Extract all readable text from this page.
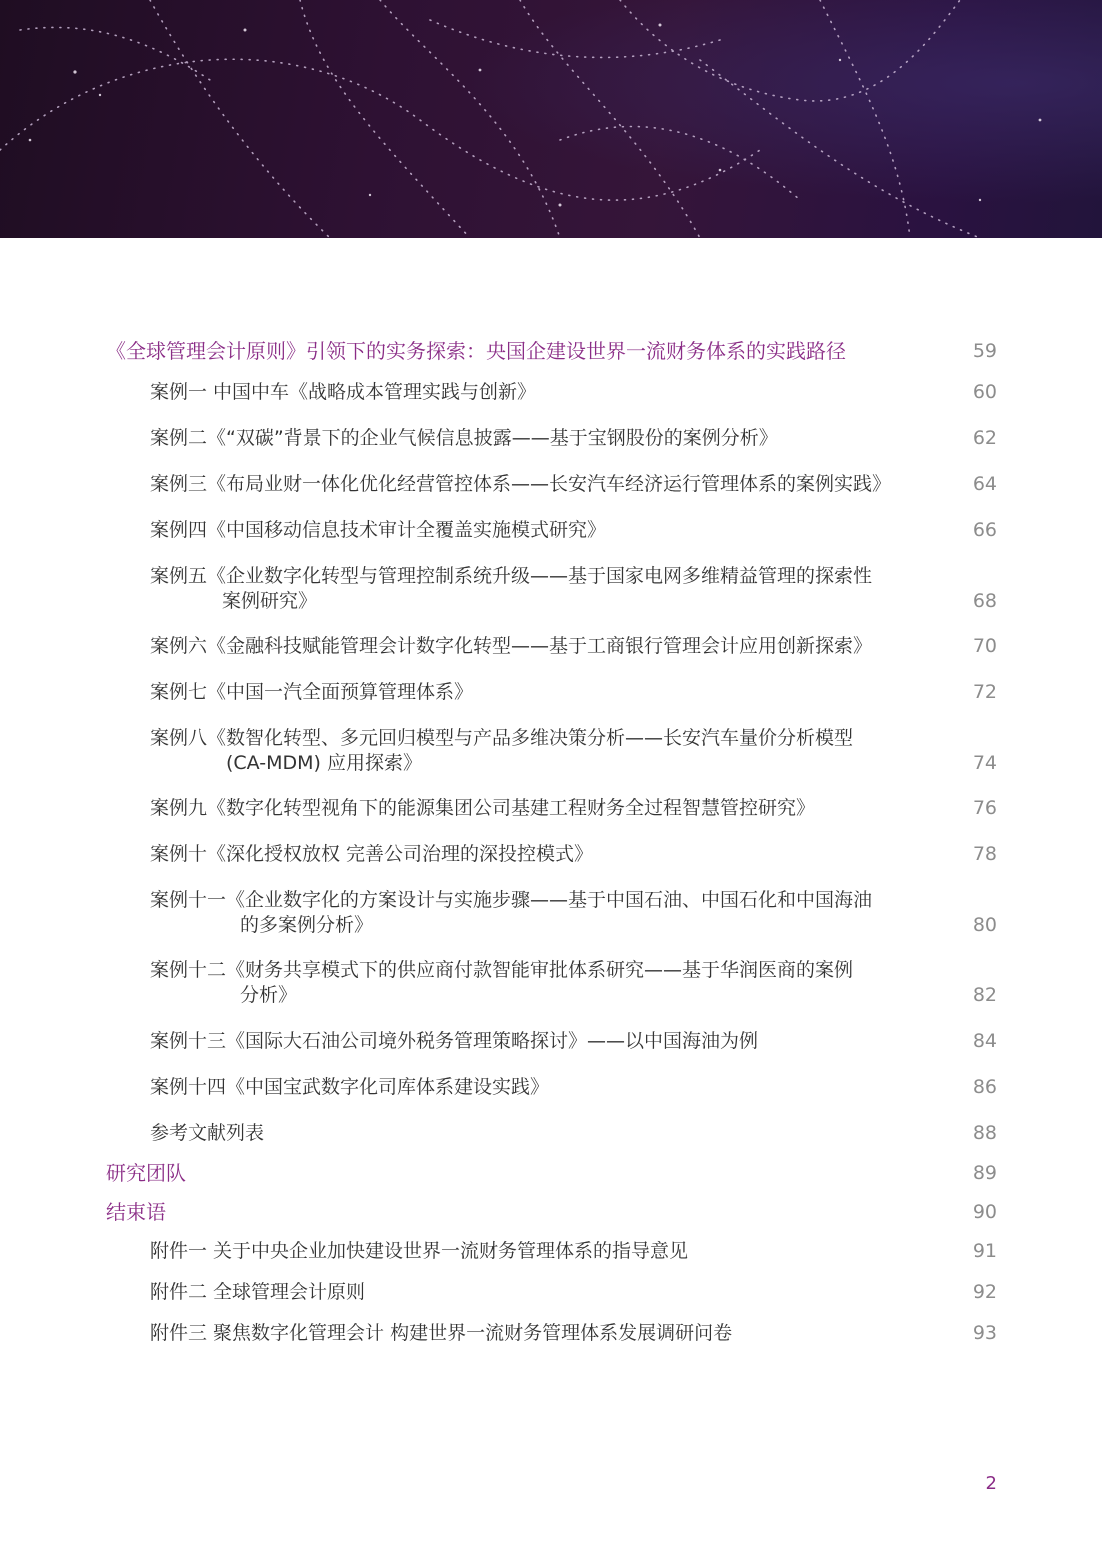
《全球管理会计原则》引领下的实务探索：央国企建设世界一流财务体系的实践路径	59
案例一 中国中车《战略成本管理实践与创新》	60
案例二《“双碳”背景下的企业气候信息披露——基于宝钢股份的案例分析》	62
案例三《布局业财一体化优化经营管控体系——长安汽车经济运行管理体系的案例实践》	64
案例四《中国移动信息技术审计全覆盖实施模式研究》	66
案例五《企业数字化转型与管理控制系统升级——基于国家电网多维精益管理的探索性
案例研究》	68
案例六《金融科技赋能管理会计数字化转型——基于工商银行管理会计应用创新探索》	70
案例七《中国一汽全面预算管理体系》	72
案例八《数智化转型、多元回归模型与产品多维决策分析——长安汽车量价分析模型
(CA-MDM) 应用探索》	74
案例九《数字化转型视角下的能源集团公司基建工程财务全过程智慧管控研究》	76
案例十《深化授权放权 完善公司治理的深投控模式》	78
案例十一《企业数字化的方案设计与实施步骤——基于中国石油、中国石化和中国海油
的多案例分析》	80
案例十二《财务共享模式下的供应商付款智能审批体系研究——基于华润医商的案例
分析》	82
案例十三《国际大石油公司境外税务管理策略探讨》——以中国海油为例	84
案例十四《中国宝武数字化司库体系建设实践》	86
参考文献列表	88
研究团队	89
结束语	90
附件一 关于中央企业加快建设世界一流财务管理体系的指导意见	91
附件二 全球管理会计原则	92
附件三 聚焦数字化管理会计 构建世界一流财务管理体系发展调研问卷	93
2
